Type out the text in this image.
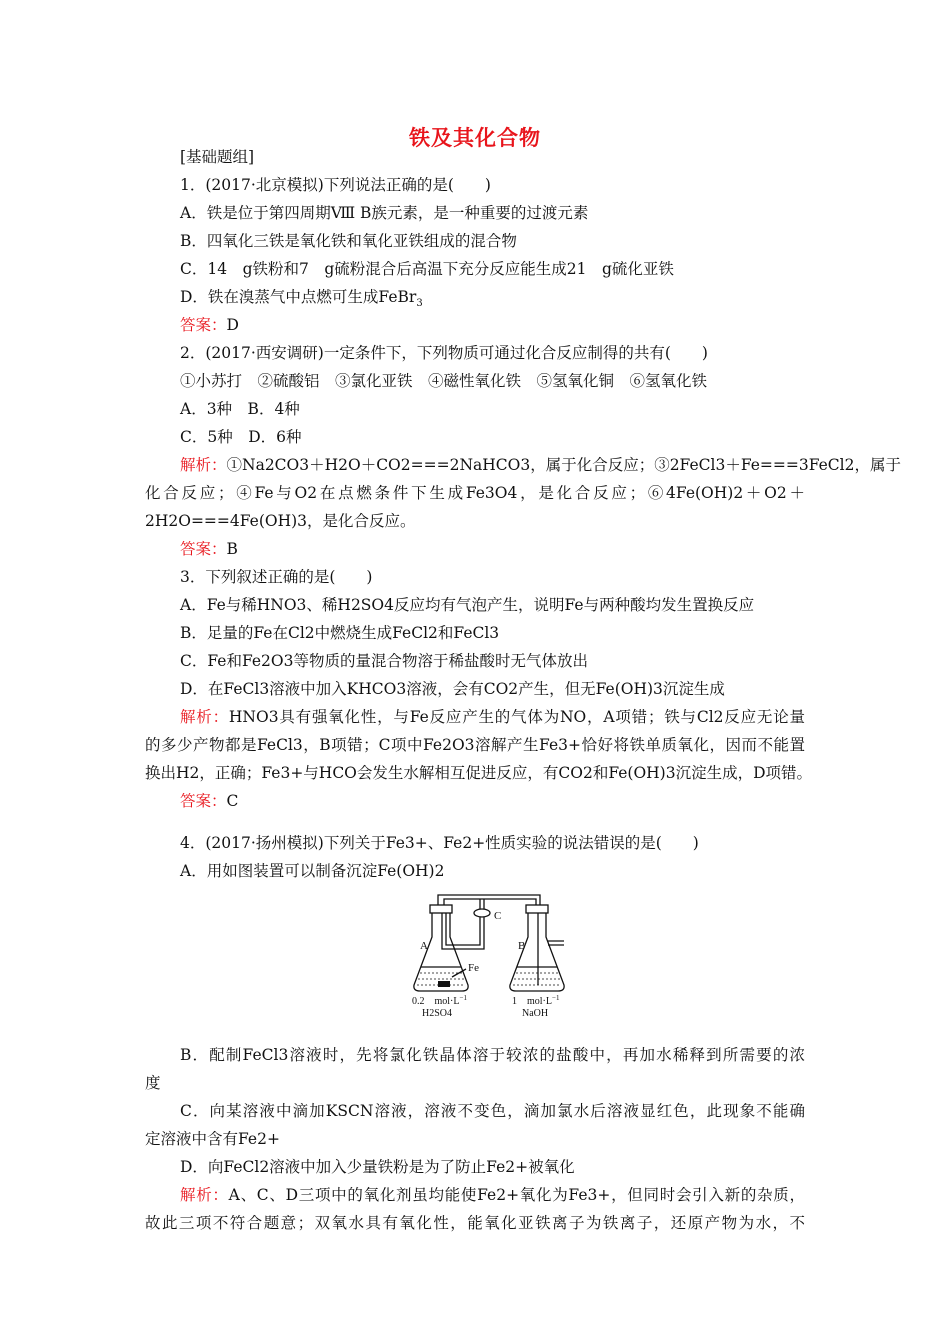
铁及其化合物
[基础题组]
1．(2017·北京模拟)下列说法正确的是(　　)
A．铁是位于第四周期Ⅷ B族元素，是一种重要的过渡元素
B．四氧化三铁是氧化铁和氧化亚铁组成的混合物
C．14　g铁粉和7　g硫粉混合后高温下充分反应能生成21　g硫化亚铁
D．铁在溴蒸气中点燃可生成FeBr$_3$
答案：D
2．(2017·西安调研)一定条件下，下列物质可通过化合反应制得的共有(　　)
①小苏打　②硫酸铝　③氯化亚铁　④磁性氧化铁　⑤氢氧化铜　⑥氢氧化铁
A．3种　B．4种
C．5种　D．6种
解析：①Na2CO3＋H2O＋CO2===2NaHCO3，属于化合反应；③2FeCl3＋Fe===3FeCl2，属于
化合反应；④Fe与O2在点燃条件下生成Fe3O4，是化合反应；⑥4Fe(OH)2＋O2＋
2H2O===4Fe(OH)3，是化合反应。
答案：B
3．下列叙述正确的是(　　)
A．Fe与稀HNO3、稀H2SO4反应均有气泡产生，说明Fe与两种酸均发生置换反应
B．足量的Fe在Cl2中燃烧生成FeCl2和FeCl3
C．Fe和Fe2O3等物质的量混合物溶于稀盐酸时无气体放出
D．在FeCl3溶液中加入KHCO3溶液，会有CO2产生，但无Fe(OH)3沉淀生成
解析：HNO3具有强氧化性，与Fe反应产生的气体为NO，A项错；铁与Cl2反应无论量
的多少产物都是FeCl3，B项错；C项中Fe2O3溶解产生Fe3+恰好将铁单质氧化，因而不能置
换出H2，正确；Fe3+与HCO会发生水解相互促进反应，有CO2和Fe(OH)3沉淀生成，D项错。
答案：C
4．(2017·扬州模拟)下列关于Fe3+、Fe2+性质实验的说法错误的是(　　)
A．用如图装置可以制备沉淀Fe(OH)2
A	B
C
Fe
0.2　$mol\cdot L^{-1}$
H2SO4
1　$mol\cdot L^{-1}$
NaOH
B．配制FeCl3溶液时，先将氯化铁晶体溶于较浓的盐酸中，再加水稀释到所需要的浓
度
C．向某溶液中滴加KSCN溶液，溶液不变色，滴加氯水后溶液显红色，此现象不能确
定溶液中含有Fe2+
D．向FeCl2溶液中加入少量铁粉是为了防止Fe2+被氧化
解析：A、C、D三项中的氧化剂虽均能使Fe2+氧化为Fe3+，但同时会引入新的杂质，
故此三项不符合题意；双氧水具有氧化性，能氧化亚铁离子为铁离子，还原产物为水，不
